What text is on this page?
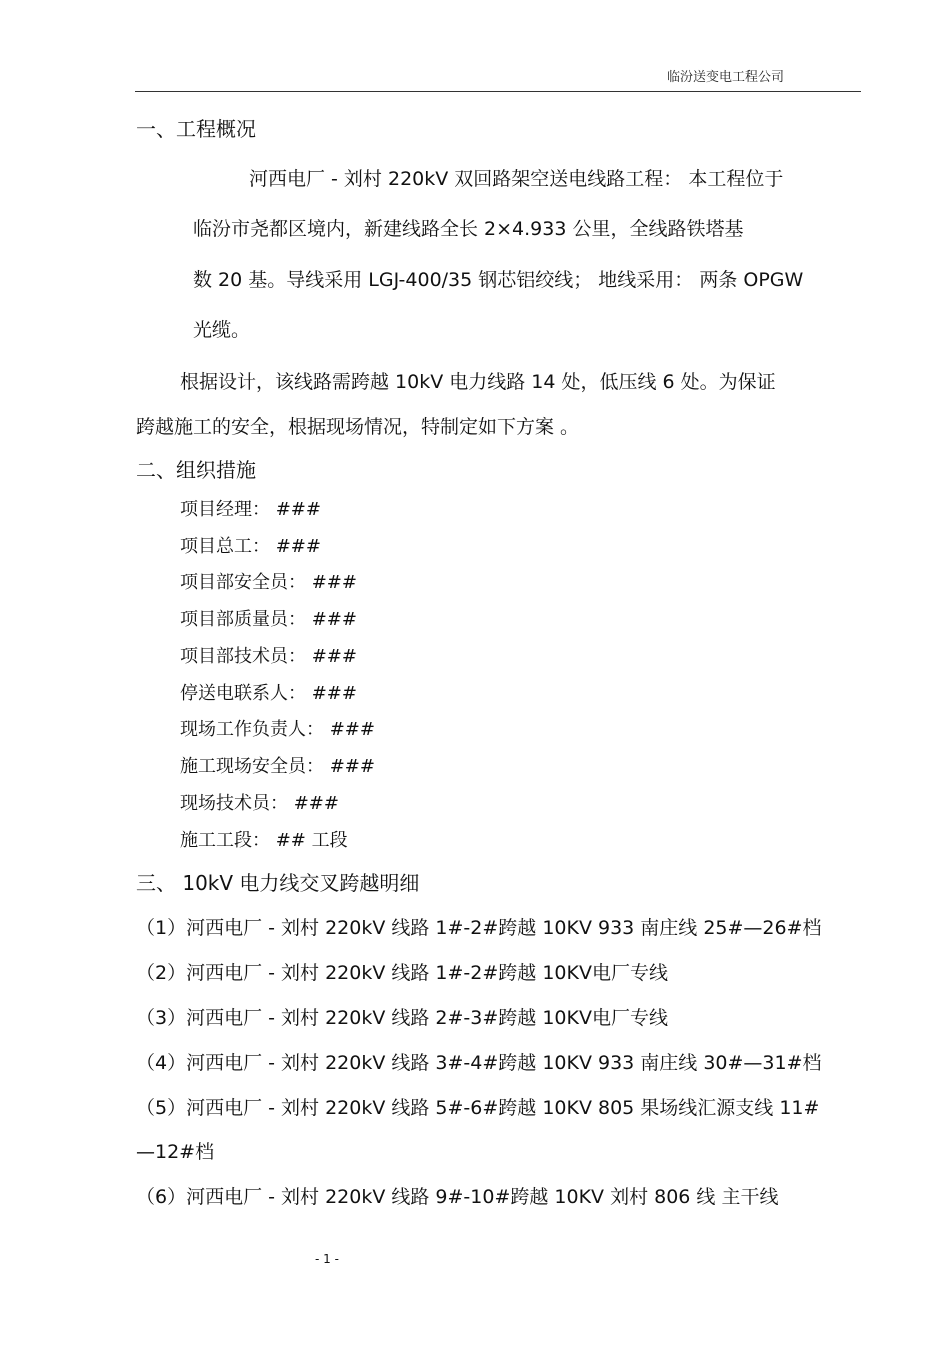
临汾送变电工程公司
一、工程概况
河西电厂 - 刘村 220kV 双回路架空送电线路工程： 本工程位于
临汾市尧都区境内，新建线路全长 2×4.933 公里，全线路铁塔基
数 20 基。导线采用 LGJ-400/35 钢芯铝绞线； 地线采用： 两条 OPGW
光缆。
根据设计，该线路需跨越 10kV 电力线路 14 处，低压线 6 处。为保证
跨越施工的安全，根据现场情况，特制定如下方案 。
二、组织措施
项目经理： ###
项目总工： ###
项目部安全员： ###
项目部质量员： ###
项目部技术员： ###
停送电联系人： ###
现场工作负责人： ###
施工现场安全员： ###
现场技术员： ###
施工工段： ## 工段
三、 10kV 电力线交叉跨越明细
（1）河西电厂 - 刘村 220kV 线路 1#-2#跨越 10KV 933 南庄线 25#—26#档
（2）河西电厂 - 刘村 220kV 线路 1#-2#跨越 10KV电厂专线
（3）河西电厂 - 刘村 220kV 线路 2#-3#跨越 10KV电厂专线
（4）河西电厂 - 刘村 220kV 线路 3#-4#跨越 10KV 933 南庄线 30#—31#档
（5）河西电厂 - 刘村 220kV 线路 5#-6#跨越 10KV 805 果场线汇源支线 11#
—12#档
（6）河西电厂 - 刘村 220kV 线路 9#-10#跨越 10KV 刘村 806 线 主干线
- 1 -
